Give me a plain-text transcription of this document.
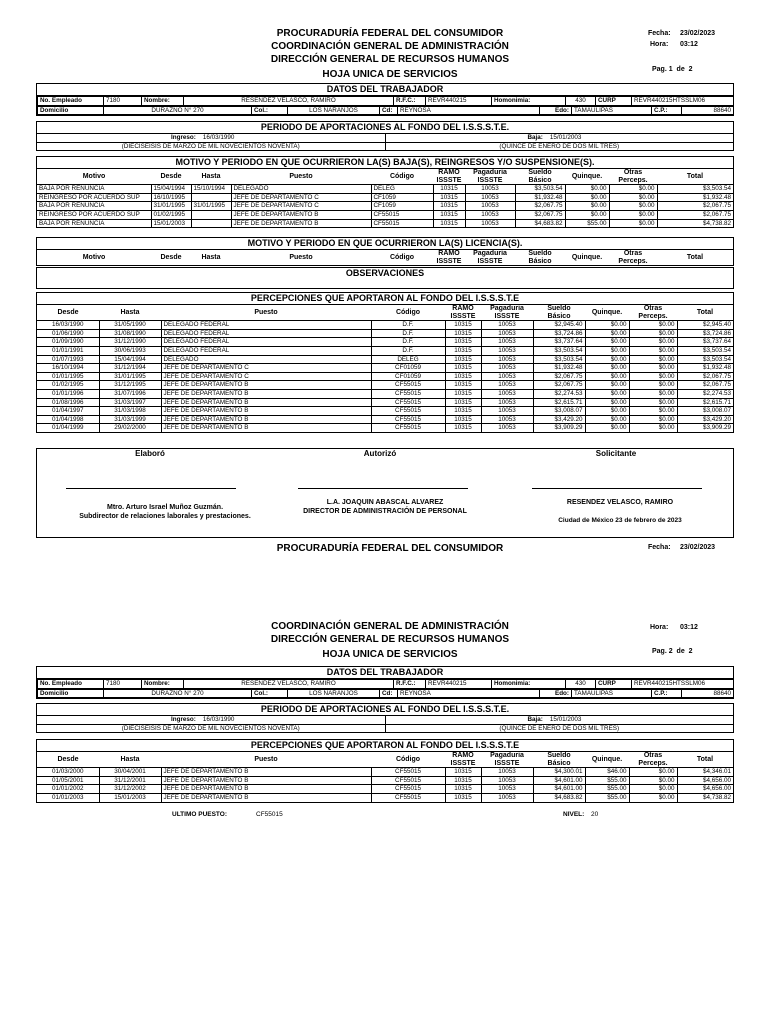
PROCURADURÍA FEDERAL DEL CONSUMIDOR
COORDINACIÓN GENERAL DE ADMINISTRACIÓN
DIRECCIÓN GENERAL DE RECURSOS HUMANOS
HOJA UNICA DE SERVICIOS
Fecha: 23/02/2023
Hora: 03:12
Pag. 1 de 2
DATOS DEL TRABAJADOR
No. Empleado	7180	Nombre:	RESENDEZ VELASCO, RAMIRO	R.F.C.:	REVR440215	Homonimia:	430	CURP	REVR440215HTSSLM06
Domicilio	DURAZNO N° 270	Col.:	LOS NARANJOS	Cd:	REYNOSA	Edo:	TAMAULIPAS	C.P.:	88640
PERIODO DE APORTACIONES AL FONDO DEL I.S.S.S.T.E.
Ingreso: 16/03/1990	Baja: 15/01/2003
(DIECISEISIS DE MARZO DE MIL NOVECIENTOS NOVENTA)	(QUINCE DE ENERO DE DOS MIL TRES)
MOTIVO Y PERIODO EN QUE OCURRIERON LA(S) BAJA(S), REINGRESOS Y/O SUSPENSIONE(S).
Motivo	Desde	Hasta	Puesto	Código	RAMO ISSSTE	Pagaduria ISSSTE	Sueldo Básico	Quinque.	Otras Perceps.	Total
BAJA POR RENUNCIA	15/04/1994	15/10/1994	DELEGADO	DELEG	10315	10053	$3,503.54	$0.00	$0.00	$3,503.54
REINGRESO POR ACUERDO SUP	16/10/1995		JEFE DE DEPARTAMENTO C	CF1059	10315	10053	$1,932.48	$0.00	$0.00	$1,932.48
BAJA POR RENUNCIA	31/01/1995	31/01/1995	JEFE DE DEPARTAMENTO C	CF1059	10315	10053	$2,067.75	$0.00	$0.00	$2,067.75
REINGRESO POR ACUERDO SUP	01/02/1995		JEFE DE DEPARTAMENTO B	CF55015	10315	10053	$2,067.75	$0.00	$0.00	$2,067.75
BAJA POR RENUNCIA	15/01/2003		JEFE DE DEPARTAMENTO B	CF55015	10315	10053	$4,683.82	$55.00	$0.00	$4,738.82
MOTIVO Y PERIODO EN QUE OCURRIERON LA(S) LICENCIA(S).
Motivo	Desde	Hasta	Puesto	Código	RAMO ISSSTE	Pagaduria ISSSTE	Sueldo Básico	Quinque.	Otras Perceps.	Total
OBSERVACIONES
PERCEPCIONES QUE APORTARON AL FONDO DEL I.S.S.S.T.E
Desde	Hasta	Puesto	Código	RAMO ISSSTE	Pagaduria ISSSTE	Sueldo Básico	Quinque.	Otras Perceps.	Total
16/03/1990	31/05/1990	DELEGADO FEDERAL	D.F.	10315	10053	$2,945.40	$0.00	$0.00	$2,945.40
01/06/1990	31/08/1990	DELEGADO FEDERAL	D.F.	10315	10053	$3,724.86	$0.00	$0.00	$3,724.86
01/09/1990	31/12/1990	DELEGADO FEDERAL	D.F.	10315	10053	$3,737.64	$0.00	$0.00	$3,737.64
01/01/1991	30/06/1993	DELEGADO FEDERAL	D.F.	10315	10053	$3,503.54	$0.00	$0.00	$3,503.54
01/07/1993	15/04/1994	DELEGADO	DELEG	10315	10053	$3,503.54	$0.00	$0.00	$3,503.54
16/10/1994	31/12/1994	JEFE DE DEPARTAMENTO C	CF01059	10315	10053	$1,932.48	$0.00	$0.00	$1,932.48
01/01/1995	31/01/1995	JEFE DE DEPARTAMENTO C	CF01059	10315	10053	$2,067.75	$0.00	$0.00	$2,067.75
01/02/1995	31/12/1995	JEFE DE DEPARTAMENTO B	CF55015	10315	10053	$2,067.75	$0.00	$0.00	$2,067.75
01/01/1996	31/07/1996	JEFE DE DEPARTAMENTO B	CF55015	10315	10053	$2,274.53	$0.00	$0.00	$2,274.53
01/08/1996	31/03/1997	JEFE DE DEPARTAMENTO B	CF55015	10315	10053	$2,615.71	$0.00	$0.00	$2,615.71
01/04/1997	31/03/1998	JEFE DE DEPARTAMENTO B	CF55015	10315	10053	$3,008.07	$0.00	$0.00	$3,008.07
01/04/1998	31/03/1999	JEFE DE DEPARTAMENTO B	CF55015	10315	10053	$3,429.20	$0.00	$0.00	$3,429.20
01/04/1999	29/02/2000	JEFE DE DEPARTAMENTO B	CF55015	10315	10053	$3,909.29	$0.00	$0.00	$3,909.29
Elaboró	Autorizó	Solicitante
Mtro. Arturo Israel Muñoz Guzmán.
Subdirector de relaciones laborales y prestaciones.
L.A. JOAQUIN ABASCAL ALVAREZ
DIRECTOR DE ADMINISTRACIÓN DE PERSONAL
RESENDEZ VELASCO, RAMIRO
Ciudad de México 23 de febrero de 2023
PROCURADURÍA FEDERAL DEL CONSUMIDOR	Fecha: 23/02/2023
COORDINACIÓN GENERAL DE ADMINISTRACIÓN
DIRECCIÓN GENERAL DE RECURSOS HUMANOS
HOJA UNICA DE SERVICIOS
Hora: 03:12
Pag. 2 de 2
DATOS DEL TRABAJADOR
No. Empleado	7180	Nombre:	RESENDEZ VELASCO, RAMIRO	R.F.C.:	REVR440215	Homonimia:	430	CURP	REVR440215HTSSLM06
Domicilio	DURAZNO N° 270	Col.:	LOS NARANJOS	Cd:	REYNOSA	Edo:	TAMAULIPAS	C.P.:	88640
PERIODO DE APORTACIONES AL FONDO DEL I.S.S.S.T.E.
Ingreso: 16/03/1990	Baja: 15/01/2003
(DIECISEISIS DE MARZO DE MIL NOVECIENTOS NOVENTA)	(QUINCE DE ENERO DE DOS MIL TRES)
PERCEPCIONES QUE APORTARON AL FONDO DEL I.S.S.S.T.E
Desde	Hasta	Puesto	Código	RAMO ISSSTE	Pagaduria ISSSTE	Sueldo Básico	Quinque.	Otras Perceps.	Total
01/03/2000	30/04/2001	JEFE DE DEPARTAMENTO B	CF55015	10315	10053	$4,300.01	$46.00	$0.00	$4,346.01
01/05/2001	31/12/2001	JEFE DE DEPARTAMENTO B	CF55015	10315	10053	$4,601.00	$55.00	$0.00	$4,656.00
01/01/2002	31/12/2002	JEFE DE DEPARTAMENTO B	CF55015	10315	10053	$4,601.00	$55.00	$0.00	$4,656.00
01/01/2003	15/01/2003	JEFE DE DEPARTAMENTO B	CF55015	10315	10053	$4,683.82	$55.00	$0.00	$4,738.82
ULTIMO PUESTO:	CF55015	NIVEL: 20
